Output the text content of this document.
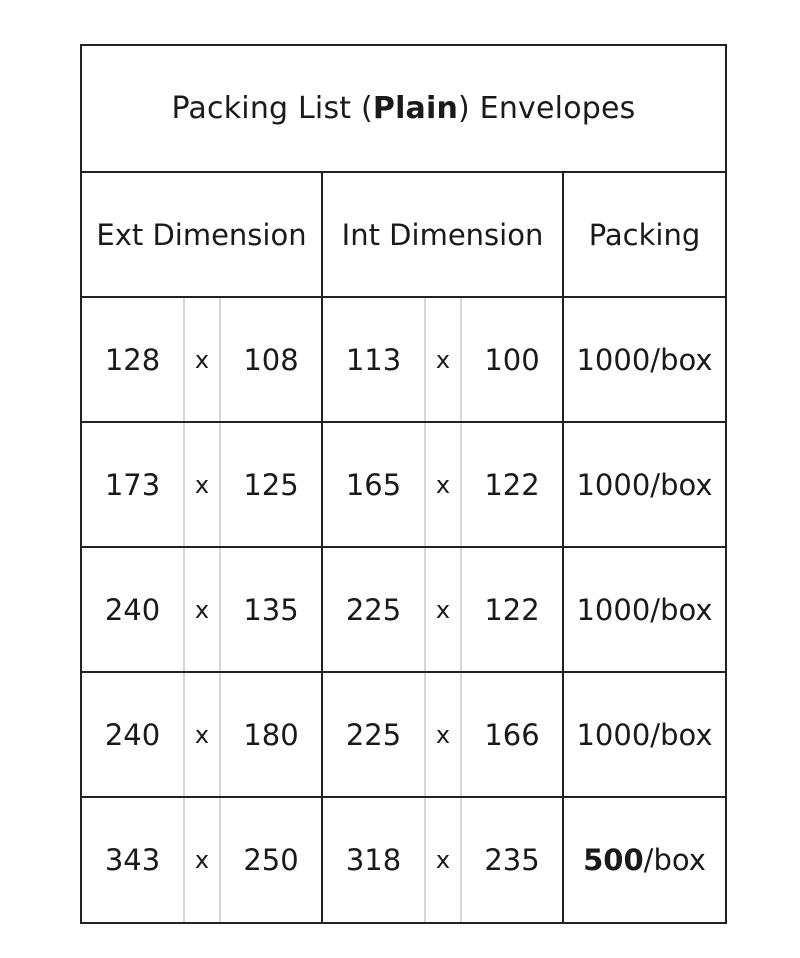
Packing List ( Plain ) Envelopes
Ext Dimension	Int Dimension	Packing
128	x	108	113	x	100	1000 /box
173	x	125	165	x	122	1000 /box
240	x	135	225	x	122	1000 /box
240	x	180	225	x	166	1000 /box
343	x	250	318	x	235	500 /box
